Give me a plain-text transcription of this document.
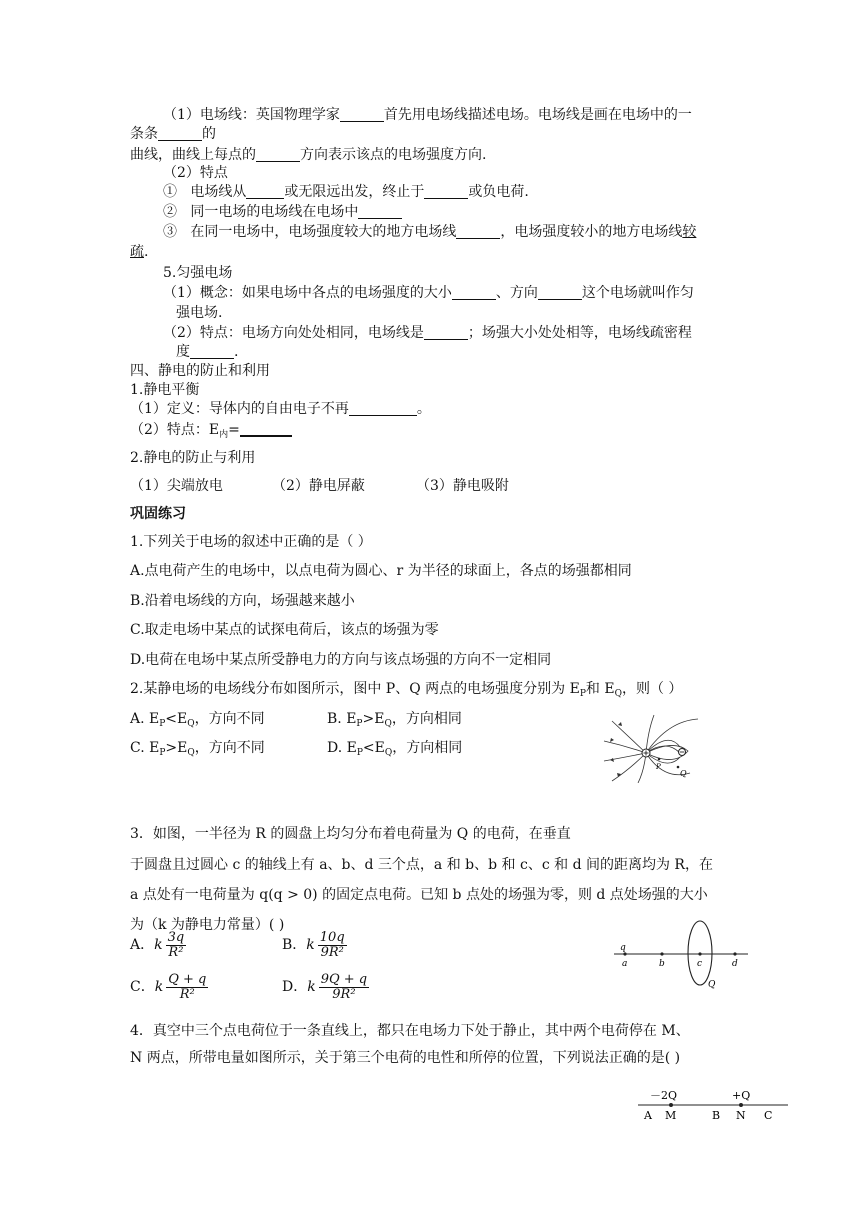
（1）电场线：英国物理学家	首先用电场线描述电场。电场线是画在电场中的一
条条	的
曲线，曲线上每点的	方向表示该点的电场强度方向.
（2）特点
① 电场线从	或无限远出发，终止于	或负电荷.
② 同一电场的电场线在电场中
③ 在同一电场中，电场强度较大的地方电场线	，电场强度较小的地方电场线较
疏.
5.匀强电场
（1）概念：如果电场中各点的电场强度的大小	、方向	这个电场就叫作匀
强电场.
（2）特点：电场方向处处相同，电场线是	；场强大小处处相等，电场线疏密程
度	.
四、静电的防止和利用
1.静电平衡
（1）定义：导体内的自由电子不再	。
（2）特点：$E_内=$
2.静电的防止与利用
（1）尖端放电	（2）静电屏蔽	（3）静电吸附
巩固练习
1.下列关于电场的叙述中正确的是（ ）
A.点电荷产生的电场中，以点电荷为圆心、r 为半径的球面上，各点的场强都相同
B.沿着电场线的方向，场强越来越小
C.取走电场中某点的试探电荷后，该点的场强为零
D.电荷在电场中某点所受静电力的方向与该点场强的方向不一定相同
2.某静电场的电场线分布如图所示，图中 P、Q 两点的电场强度分别为 $E_P$和 $E_Q$，则（ ）
A. $E_P<E_Q$，方向不同	B. $E_P>E_Q$，方向相同
C. $E_P>E_Q$，方向不同	D. $E_P<E_Q$，方向相同
P
Q
3．如图，一半径为 R 的圆盘上均匀分布着电荷量为 Q 的电荷，在垂直
于圆盘且过圆心 c 的轴线上有 a、b、d 三个点，a 和 b、b 和 c、c 和 d 间的距离均为 R，在
a 点处有一电荷量为 q(q > 0) 的固定点电荷。已知 b 点处的场强为零，则 d 点处场强的大小
为（k 为静电力常量）( )
A． k $\frac{3q}{\text{R²}}$	B． k $\frac{10q}{\text{9R²}}$
C． k $\frac{Q + q}{\text{R²}}$	D． k $\frac{9Q + q}{\text{9R²}}$
q
a	b	c	d
Q
4．真空中三个点电荷位于一条直线上，都只在电场力下处于静止，其中两个电荷停在 M、
N 两点，所带电量如图所示，关于第三个电荷的电性和所停的位置，下列说法正确的是( )
－2Q	+Q
A M	B N C
